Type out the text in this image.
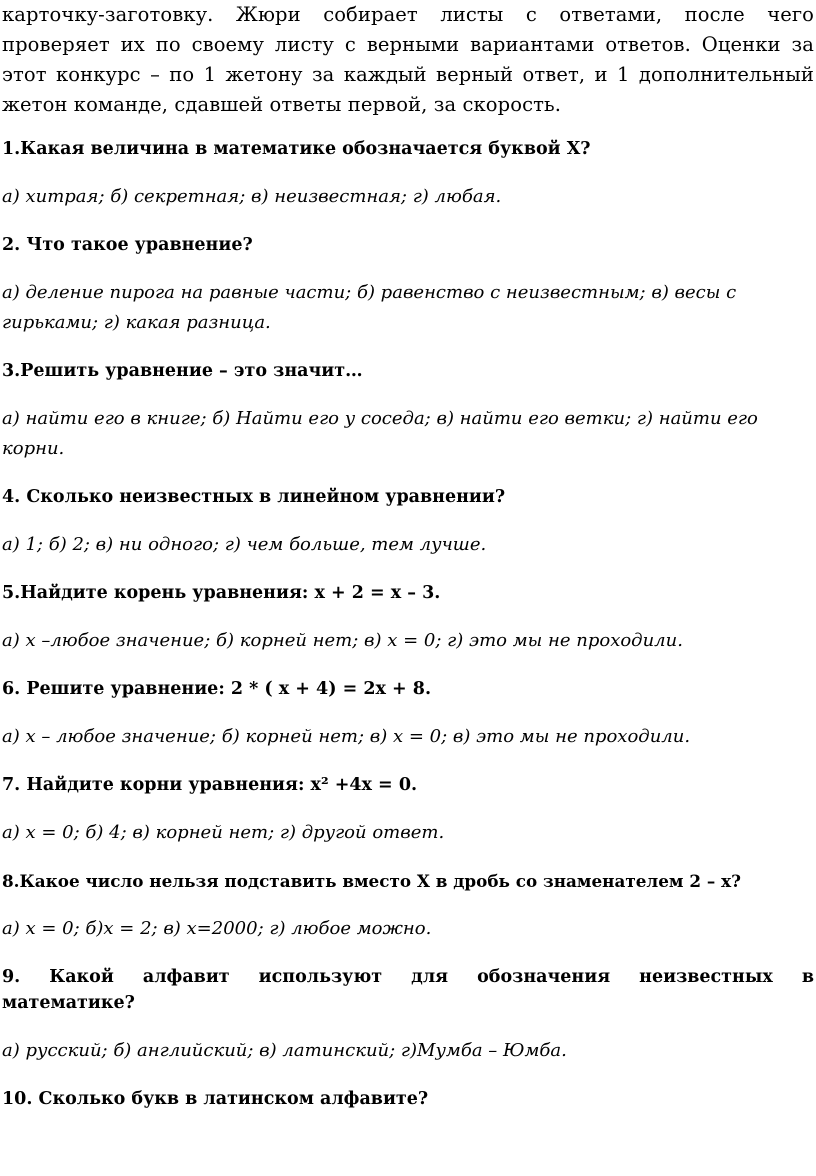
карточку-заготовку. Жюри собирает листы с ответами, после чего проверяет их по своему листу с верными вариантами ответов. Оценки за этот конкурс – по 1 жетону за каждый верный ответ, и 1 дополнительный жетон команде, сдавшей ответы первой, за скорость.

1.Какая величина в математике обозначается буквой Х?

а) хитрая; б) секретная; в) неизвестная; г) любая.

2. Что такое уравнение?

а) деление пирога на равные части; б) равенство с неизвестным; в) весы с гирьками; г) какая разница.

3.Решить уравнение – это значит…

а) найти его в книге; б) Найти его у соседа; в) найти его ветки; г) найти его корни.

4. Сколько неизвестных в линейном уравнении?

а) 1; б) 2; в) ни одного; г) чем больше, тем лучше.

5.Найдите корень уравнения: х + 2 = х – 3.

а) х –любое значение; б) корней нет; в) х = 0; г) это мы не проходили.

6. Решите уравнение: 2 * ( х + 4) = 2х + 8.

а) х – любое значение; б) корней нет; в) х = 0; в) это мы не проходили.

7. Найдите корни уравнения: х² +4х = 0.

а) х = 0; б) 4; в) корней нет; г) другой ответ.

8.Какое число нельзя подставить вместо Х в дробь со знаменателем 2 – х?

а) х = 0; б)х = 2; в) х=2000; г) любое можно.

9. Какой алфавит используют для обозначения неизвестных в математике?

а) русский; б) английский; в) латинский; г)Мумба – Юмба.

10. Сколько букв в латинском алфавите?
